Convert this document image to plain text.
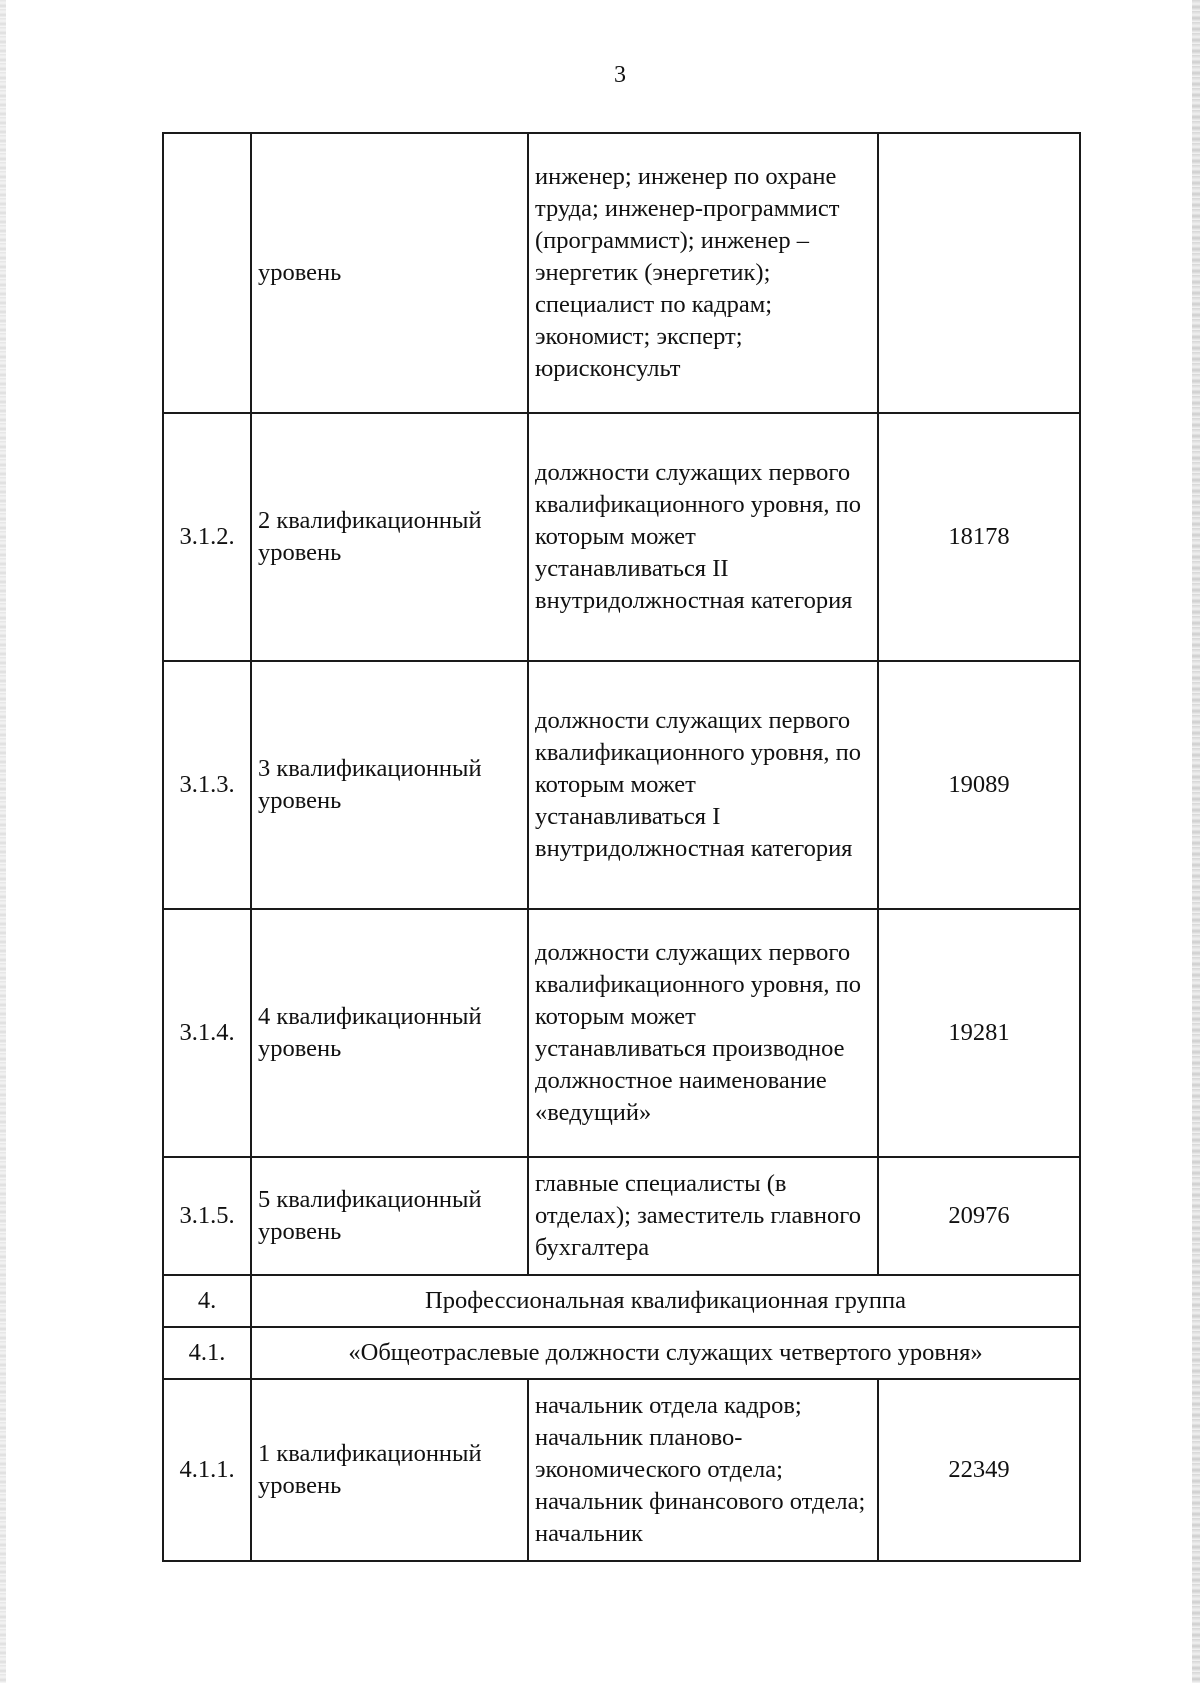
3
	уровень	инженер; инженер по охране труда; инженер-программист (программист); инженер – энергетик (энергетик); специалист по кадрам; экономист; эксперт; юрисконсульт	
3.1.2.	2 квалификационный уровень	должности служащих первого квалификационного уровня, по которым может устанавливаться II внутридолжностная категория	18178
3.1.3.	3 квалификационный уровень	должности служащих первого квалификационного уровня, по которым может устанавливаться I внутридолжностная категория	19089
3.1.4.	4 квалификационный уровень	должности служащих первого квалификационного уровня, по которым может устанавливаться производное должностное наименование «ведущий»	19281
3.1.5.	5 квалификационный уровень	главные специалисты (в отделах); заместитель главного бухгалтера	20976
4.	Профессиональная квалификационная группа		
4.1.	«Общеотраслевые должности служащих четвертого уровня»		
4.1.1.	1 квалификационный уровень	начальник отдела кадров; начальник планово-экономического отдела; начальник финансового отдела; начальник	22349
